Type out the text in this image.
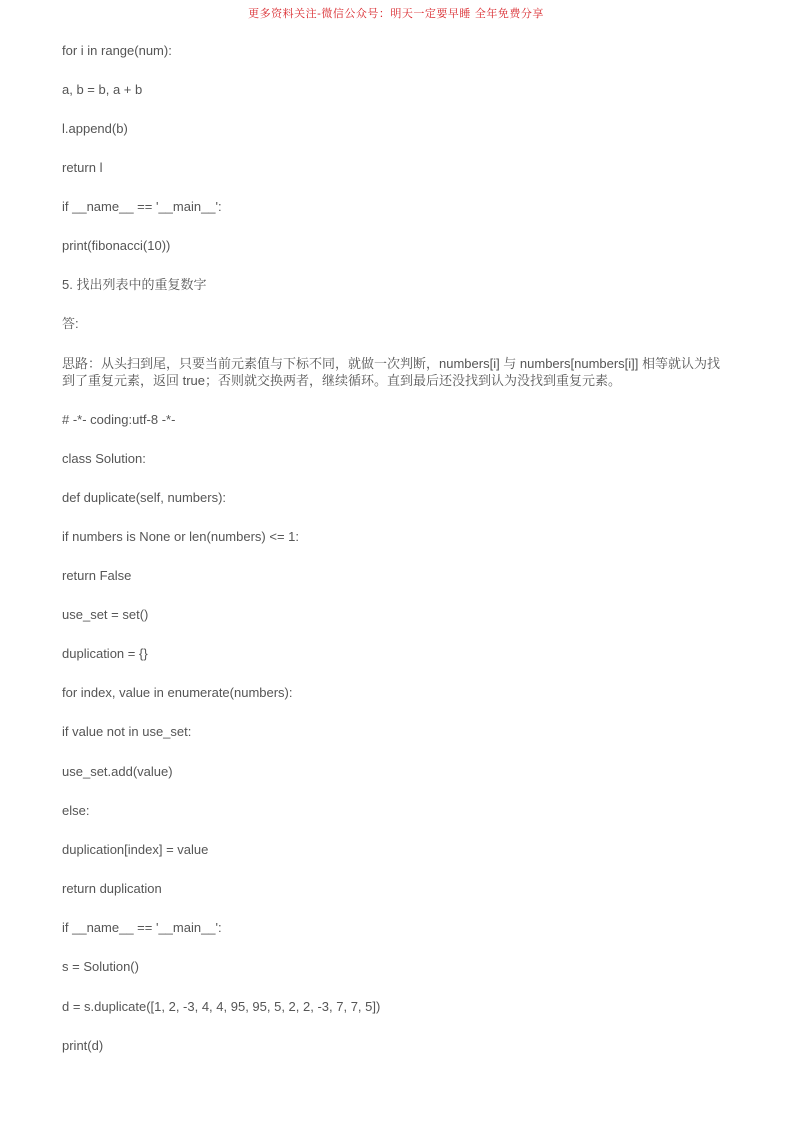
更多资料关注-微信公众号：明天一定要早睡 全年免费分享
for i in range(num):
a, b = b, a + b
l.append(b)
return l
if __name__ == '__main__':
print(fibonacci(10))
5. 找出列表中的重复数字
答:
思路：从头扫到尾，只要当前元素值与下标不同，就做一次判断，numbers[i] 与 numbers[numbers[i]] 相等就认为找到了重复元素，返回 true；否则就交换两者，继续循环。直到最后还没找到认为没找到重复元素。
# -*- coding:utf-8 -*-
class Solution:
def duplicate(self, numbers):
if numbers is None or len(numbers) <= 1:
return False
use_set = set()
duplication = {}
for index, value in enumerate(numbers):
if value not in use_set:
use_set.add(value)
else:
duplication[index] = value
return duplication
if __name__ == '__main__':
s = Solution()
d = s.duplicate([1, 2, -3, 4, 4, 95, 95, 5, 2, 2, -3, 7, 7, 5])
print(d)
